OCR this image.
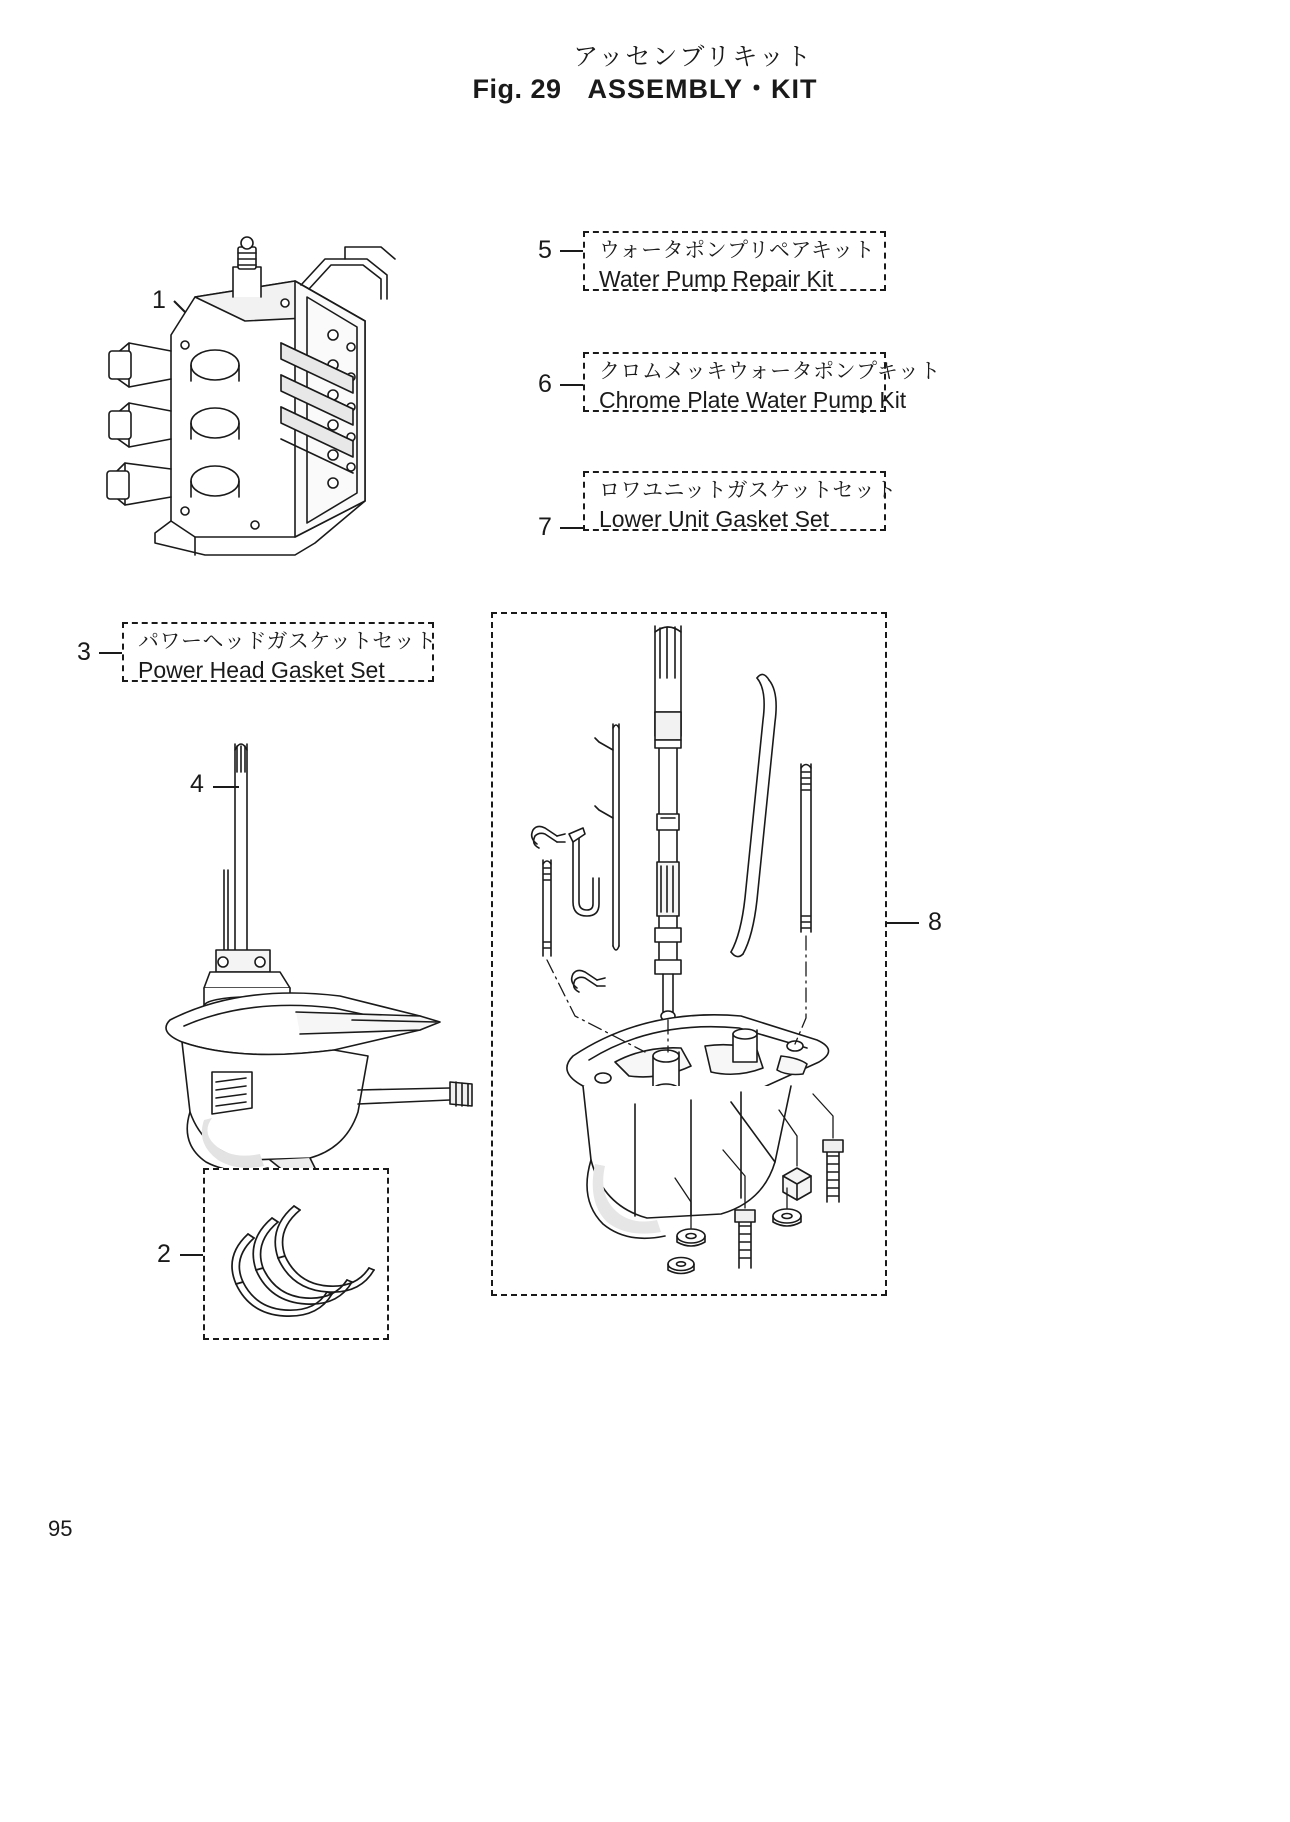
アッセンブリキット
Fig. 29 ASSEMBLY・KIT
1
5 ウォータポンプリペアキット
Water Pump Repair Kit
6 クロムメッキウォータポンプキット
Chrome Plate Water Pump Kit
7
ロワユニットガスケットセット
Lower Unit Gasket Set
3 パワーヘッドガスケットセット
Power Head Gasket Set
4
2
8
95
